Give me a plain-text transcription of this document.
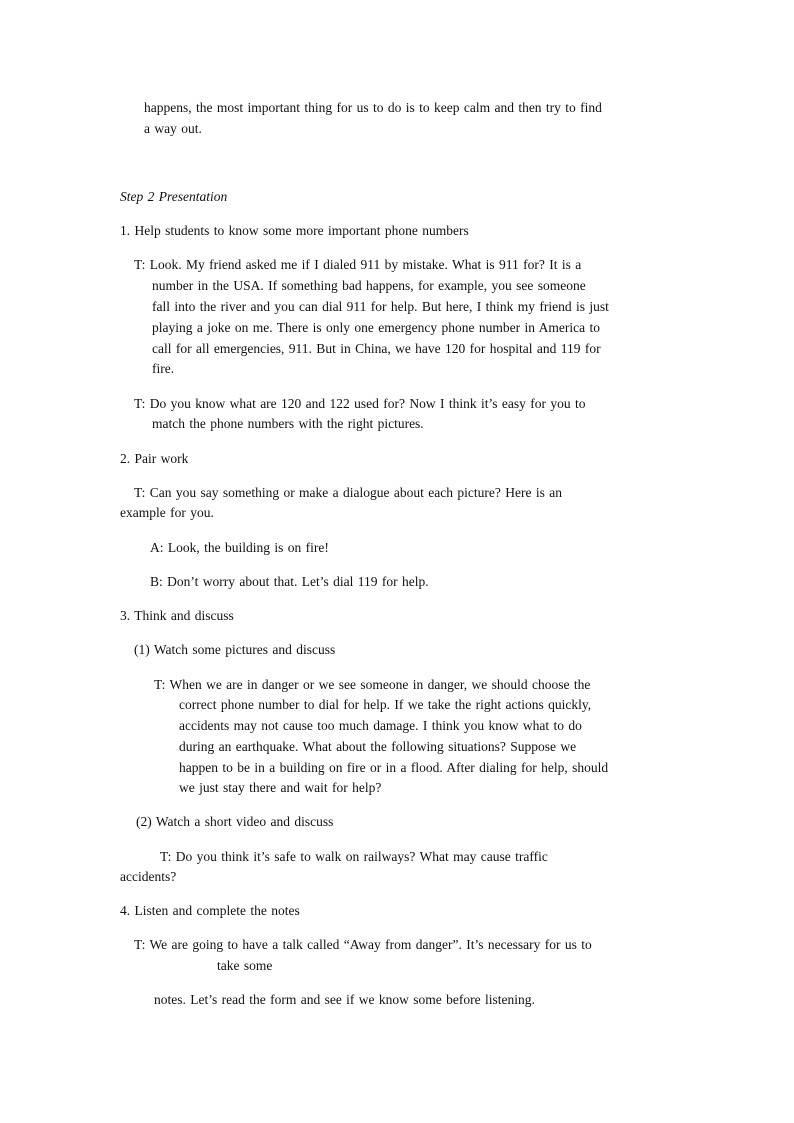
happens, the most important thing for us to do is to keep calm and then try to find
a way out.
Step 2 Presentation
1. Help students to know some more important phone numbers
T: Look. My friend asked me if I dialed 911 by mistake. What is 911 for? It is a
number in the USA. If something bad happens, for example, you see someone
fall into the river and you can dial 911 for help. But here, I think my friend is just
playing a joke on me. There is only one emergency phone number in America to
call for all emergencies, 911. But in China, we have 120 for hospital and 119 for
fire.
T: Do you know what are 120 and 122 used for? Now I think it’s easy for you to
match the phone numbers with the right pictures.
2. Pair work
T: Can you say something or make a dialogue about each picture? Here is an
example for you.
A: Look, the building is on fire!
B: Don’t worry about that. Let’s dial 119 for help.
3. Think and discuss
(1) Watch some pictures and discuss
T: When we are in danger or we see someone in danger, we should choose the
correct phone number to dial for help. If we take the right actions quickly,
accidents may not cause too much damage. I think you know what to do
during an earthquake. What about the following situations? Suppose we
happen to be in a building on fire or in a flood. After dialing for help, should
we just stay there and wait for help?
(2) Watch a short video and discuss
T: Do you think it’s safe to walk on railways? What may cause traffic
accidents?
4. Listen and complete the notes
T: We are going to have a talk called “Away from danger”. It’s necessary for us to
take some
notes. Let’s read the form and see if we know some before listening.
